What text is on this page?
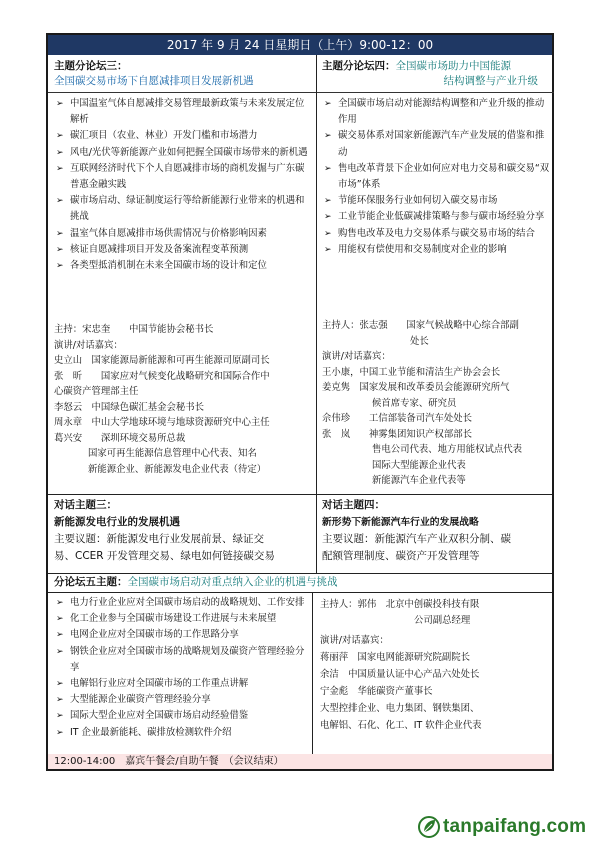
2017 年 9 月 24 日星期日（上午）9:00-12：00
主题分论坛三：
全国碳交易市场下自愿减排项目发展新机遇
➢ 中国温室气体自愿减排交易管理最新政策与未来发展定位解析
➢ 碳汇项目（农业、林业）开发门槛和市场潜力
➢ 风电/光伏等新能源产业如何把握全国碳市场带来的新机遇
➢ 互联网经济时代下个人自愿减排市场的商机发掘与广东碳普惠金融实践
➢ 碳市场启动、绿证制度运行等给新能源行业带来的机遇和挑战
➢ 温室气体自愿减排市场供需情况与价格影响因素
➢ 核证自愿减排项目开发及备案流程变革预测
➢ 各类型抵消机制在未来全国碳市场的设计和定位
主持：宋忠奎　　中国节能协会秘书长
演讲/对话嘉宾：
史立山　国家能源局新能源和可再生能源司原副司长
张　昕　　国家应对气候变化战略研究和国际合作中
心碳资产管理部主任
李怒云　中国绿色碳汇基金会秘书长
周永章　中山大学地球环境与地球资源研究中心主任
葛兴安　　深圳环境交易所总裁
国家可再生能源信息管理中心代表、知名
新能源企业、新能源发电企业代表（待定）
主题分论坛四：全国碳市场助力中国能源
结构调整与产业升级
➢ 全国碳市场启动对能源结构调整和产业升级的推动作用
➢ 碳交易体系对国家新能源汽车产业发展的借鉴和推动
➢ 售电改革背景下企业如何应对电力交易和碳交易“双市场”体系
➢ 节能环保服务行业如何切入碳交易市场
➢ 工业节能企业低碳减排策略与参与碳市场经验分享
➢ 购售电改革及电力交易体系与碳交易市场的结合
➢ 用能权有偿使用和交易制度对企业的影响
主持人：张志强　　国家气候战略中心综合部副
处长
演讲/对话嘉宾：
王小康，中国工业节能和清洁生产协会会长
姜克隽　国家发展和改革委员会能源研究所气
候首席专家、研究员
佘伟珍　　工信部装备司汽车处处长
张　岚　　神雾集团知识产权部部长
售电公司代表、地方用能权试点代表
国际大型能源企业代表
新能源汽车企业代表等
对话主题三：
新能源发电行业的发展机遇
主要议题：新能源发电行业发展前景、绿证交
易、CCER 开发管理交易、绿电如何链接碳交易
对话主题四：
新形势下新能源汽车行业的发展战略
主要议题：新能源汽车产业双积分制、碳
配额管理制度、碳资产开发管理等
分论坛五主题：全国碳市场启动对重点纳入企业的机遇与挑战
➢ 电力行业企业应对全国碳市场启动的战略规划、工作安排
➢ 化工企业参与全国碳市场建设工作进展与未来展望
➢ 电网企业应对全国碳市场的工作思路分享
➢ 钢铁企业应对全国碳市场的战略规划及碳资产管理经验分享
➢ 电解铝行业应对全国碳市场的工作重点讲解
➢ 大型能源企业碳资产管理经验分享
➢ 国际大型企业应对全国碳市场启动经验借鉴
➢ IT 企业最新能耗、碳排放检测软件介绍
主持人：郭伟　北京中创碳投科技有限
公司副总经理
演讲/对话嘉宾：
蒋丽萍　国家电网能源研究院副院长
余洁　中国质量认证中心产品六处处长
宁金彪　华能碳资产董事长
大型控排企业、电力集团、钢铁集团、
电解铝、石化、化工、IT 软件企业代表
12:00-14:00　嘉宾午餐会/自助午餐　（会议结束）
tanpaifang.com
